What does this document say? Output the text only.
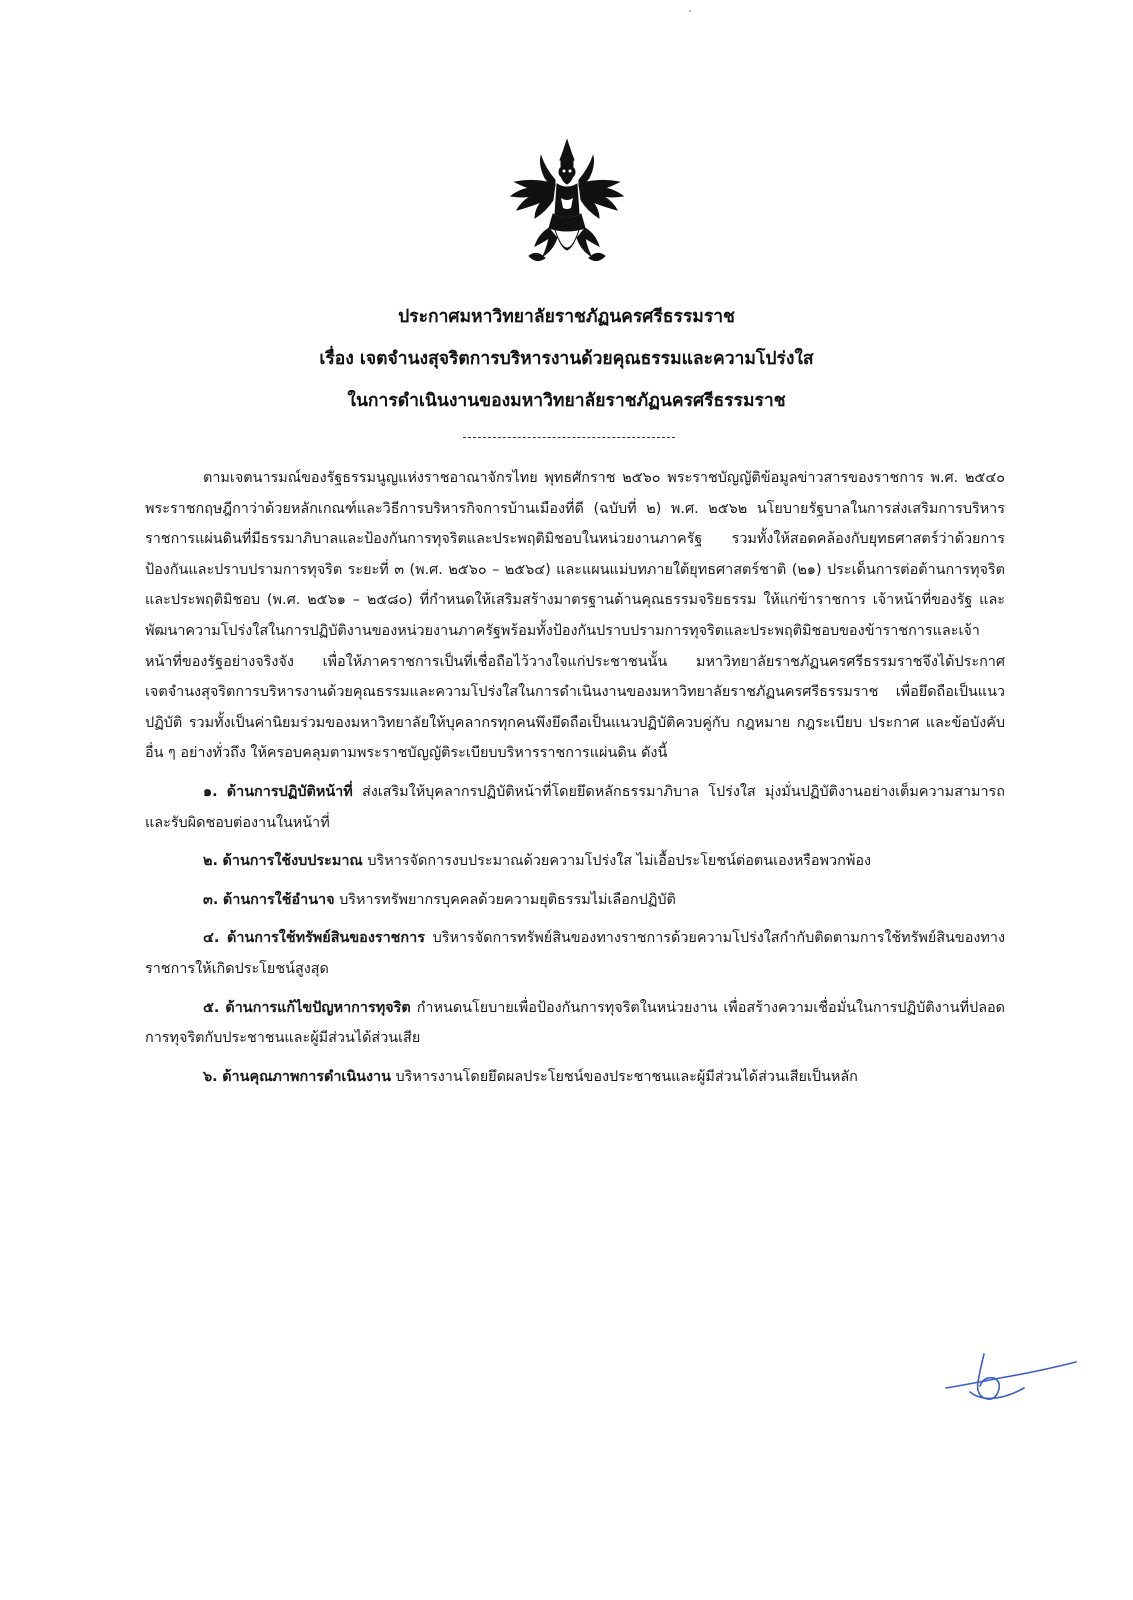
ประกาศมหาวิทยาลัยราชภัฏนครศรีธรรมราช
เรื่อง เจตจำนงสุจริตการบริหารงานด้วยคุณธรรมและความโปร่งใส
ในการดำเนินงานของมหาวิทยาลัยราชภัฏนครศรีธรรมราช

ตามเจตนารมณ์ของรัฐธรรมนูญแห่งราชอาณาจักรไทย พุทธศักราช ๒๕๖๐ พระราชบัญญัติข้อมูลข่าวสารของราชการ พ.ศ. ๒๕๔๐ พระราชกฤษฎีกาว่าด้วยหลักเกณฑ์และวิธีการบริหารกิจการบ้านเมืองที่ดี (ฉบับที่ ๒) พ.ศ. ๒๕๖๒ นโยบายรัฐบาลในการส่งเสริมการบริหารราชการแผ่นดินที่มีธรรมาภิบาลและป้องกันการทุจริตและประพฤติมิชอบในหน่วยงานภาครัฐ รวมทั้งให้สอดคล้องกับยุทธศาสตร์ว่าด้วยการป้องกันและปราบปรามการทุจริต ระยะที่ ๓ (พ.ศ. ๒๕๖๐ – ๒๕๖๔) และแผนแม่บทภายใต้ยุทธศาสตร์ชาติ (๒๑) ประเด็นการต่อต้านการทุจริตและประพฤติมิชอบ (พ.ศ. ๒๕๖๑ – ๒๕๘๐) ที่กำหนดให้เสริมสร้างมาตรฐานด้านคุณธรรมจริยธรรม ให้แก่ข้าราชการ เจ้าหน้าที่ของรัฐ และพัฒนาความโปร่งใสในการปฏิบัติงานของหน่วยงานภาครัฐพร้อมทั้งป้องกันปราบปรามการทุจริตและประพฤติมิชอบของข้าราชการและเจ้าหน้าที่ของรัฐอย่างจริงจัง เพื่อให้ภาคราชการเป็นที่เชื่อถือไว้วางใจแก่ประชาชนนั้น มหาวิทยาลัยราชภัฏนครศรีธรรมราชจึงได้ประกาศเจตจำนงสุจริตการบริหารงานด้วยคุณธรรมและความโปร่งใสในการดำเนินงานของมหาวิทยาลัยราชภัฏนครศรีธรรมราช เพื่อยึดถือเป็นแนวปฏิบัติ รวมทั้งเป็นค่านิยมร่วมของมหาวิทยาลัยให้บุคลากรทุกคนพึงยึดถือเป็นแนวปฏิบัติควบคู่กับ กฎหมาย กฎระเบียบ ประกาศ และข้อบังคับอื่น ๆ อย่างทั่วถึง ให้ครอบคลุมตามพระราชบัญญัติระเบียบบริหารราชการแผ่นดิน ดังนี้

๑. ด้านการปฏิบัติหน้าที่ ส่งเสริมให้บุคลากรปฏิบัติหน้าที่โดยยึดหลักธรรมาภิบาล โปร่งใส มุ่งมั่นปฏิบัติงานอย่างเต็มความสามารถและรับผิดชอบต่องานในหน้าที่

๒. ด้านการใช้งบประมาณ บริหารจัดการงบประมาณด้วยความโปร่งใส ไม่เอื้อประโยชน์ต่อตนเองหรือพวกพ้อง

๓. ด้านการใช้อำนาจ บริหารทรัพยากรบุคคลด้วยความยุติธรรมไม่เลือกปฏิบัติ

๔. ด้านการใช้ทรัพย์สินของราชการ บริหารจัดการทรัพย์สินของทางราชการด้วยความโปร่งใสกำกับติดตามการใช้ทรัพย์สินของทางราชการให้เกิดประโยชน์สูงสุด

๕. ด้านการแก้ไขปัญหาการทุจริต กำหนดนโยบายเพื่อป้องกันการทุจริตในหน่วยงาน เพื่อสร้างความเชื่อมั่นในการปฏิบัติงานที่ปลอดการทุจริตกับประชาชนและผู้มีส่วนได้ส่วนเสีย

๖. ด้านคุณภาพการดำเนินงาน บริหารงานโดยยึดผลประโยชน์ของประชาชนและผู้มีส่วนได้ส่วนเสียเป็นหลัก
